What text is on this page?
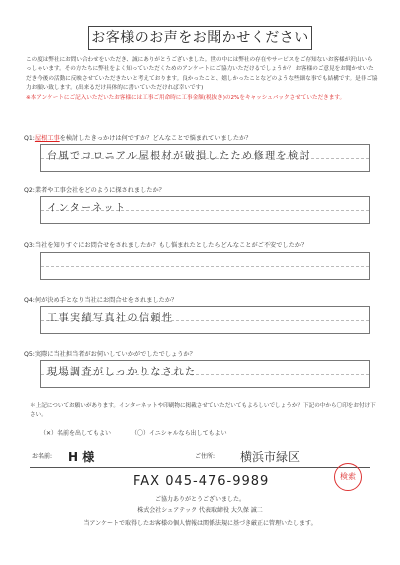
お客様のお声をお聞かせください
この度は弊社にお問い合わせをいただき、誠にありがとうございました。世の中には弊社の存在やサービスをご存知ないお客様が沢山いらっしゃいます。その方たちに弊社をよく知っていただくためのアンケートにご協力いただけるでしょうか？ お客様のご意見をお聞かせいただき今後の活動に反映させていただきたいと考えております。良かったこと、嬉しかったことなどのような些細な事でも結構です。是非ご協力お願い致します。(出来るだけ具体的に書いていただければ幸いです)
※本アンケートにご記入いただいたお客様には工事ご用命時に工事金額(税抜き)の2%をキャッシュバックさせていただきます。
Q1:屋根工事を検討したきっかけは何ですか？どんなことで悩まれていましたか？
台風でコロニアル屋根材が破損したため修理を検討
Q2:業者や工事会社をどのように探されましたか？
インターネット
Q3:当社を知りすぐにお問合せをされましたか？もし悩まれたとしたらどんなことがご不安でしたか？
Q4:何が決め手となり当社にお問合せをされましたか？
工事実績写真社の信頼性
Q5:実際に当社担当者がお伺いしていかがでしたでしょうか？
現場調査がしっかりなされた
＊上記についてお願いがあります。インターネットや印刷物に掲載させていただいてもよろしいでしょうか？下記の中から〇印をお付け下さい。
（✕）名前を出してもよい	（〇）イニシャルなら出してもよい
お名前: H 様	ご住所: 横浜市緑区
FAX 045-476-9989	検索
ご協力ありがとうございました。
株式会社シェアテック 代表取締役 大久保 誠二
当アンケートで取得したお客様の個人情報は関係法規に基づき厳正に管理いたします。
